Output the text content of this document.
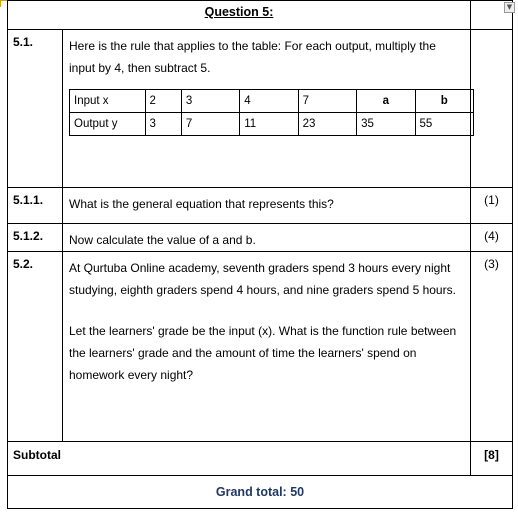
Question 5:	
5.1.	Here is the rule that applies to the table: For each output, multiply the input by 4, then subtract 5.
Input x	2	3	4	7	a	b
Output y	3	7	11	23	35	55

5.1.1.	What is the general equation that represents this?	(1)
5.1.2.	Now calculate the value of a and b.	(4)
5.2.	At Qurtuba Online academy, seventh graders spend 3 hours every night studying, eighth graders spend 4 hours, and nine graders spend 5 hours.
Let the learners' grade be the input (x). What is the function rule between the learners' grade and the amount of time the learners' spend on homework every night?
	(3)
Subtotal	[8]
Grand total: 50
▼
